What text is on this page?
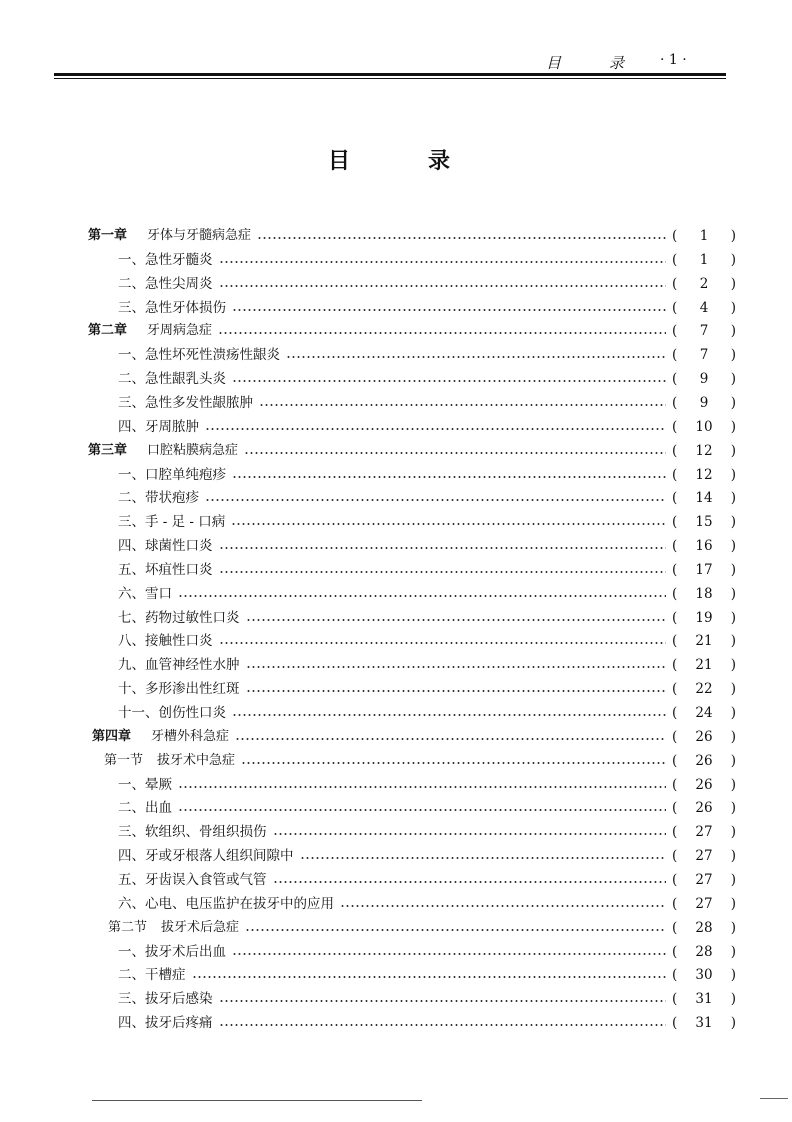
目	录	· 1 ·
目	录
第一章 牙体与牙髓病急症	(	1	)
一、急性牙髓炎	(	1	)
二、急性尖周炎	(	2	)
三、急性牙体损伤	(	4	)
第二章 牙周病急症	(	7	)
一、急性坏死性溃疡性龈炎	(	7	)
二、急性龈乳头炎	(	9	)
三、急性多发性龈脓肿	(	9	)
四、牙周脓肿	(	10	)
第三章 口腔粘膜病急症	(	12	)
一、口腔单纯疱疹	(	12	)
二、带状疱疹	(	14	)
三、手 - 足 - 口病	(	15	)
四、球菌性口炎	(	16	)
五、坏疽性口炎	(	17	)
六、雪口	(	18	)
七、药物过敏性口炎	(	19	)
八、接触性口炎	(	21	)
九、血管神经性水肿	(	21	)
十、多形渗出性红斑	(	22	)
十一、创伤性口炎	(	24	)
第四章 牙槽外科急症	(	26	)
第一节 拔牙术中急症	(	26	)
一、晕厥	(	26	)
二、出血	(	26	)
三、软组织、骨组织损伤	(	27	)
四、牙或牙根落人组织间隙中	(	27	)
五、牙齿误入食管或气管	(	27	)
六、心电、电压监护在拔牙中的应用	(	27	)
第二节 拔牙术后急症	(	28	)
一、拔牙术后出血	(	28	)
二、干槽症	(	30	)
三、拔牙后感染	(	31	)
四、拔牙后疼痛	(	31	)
